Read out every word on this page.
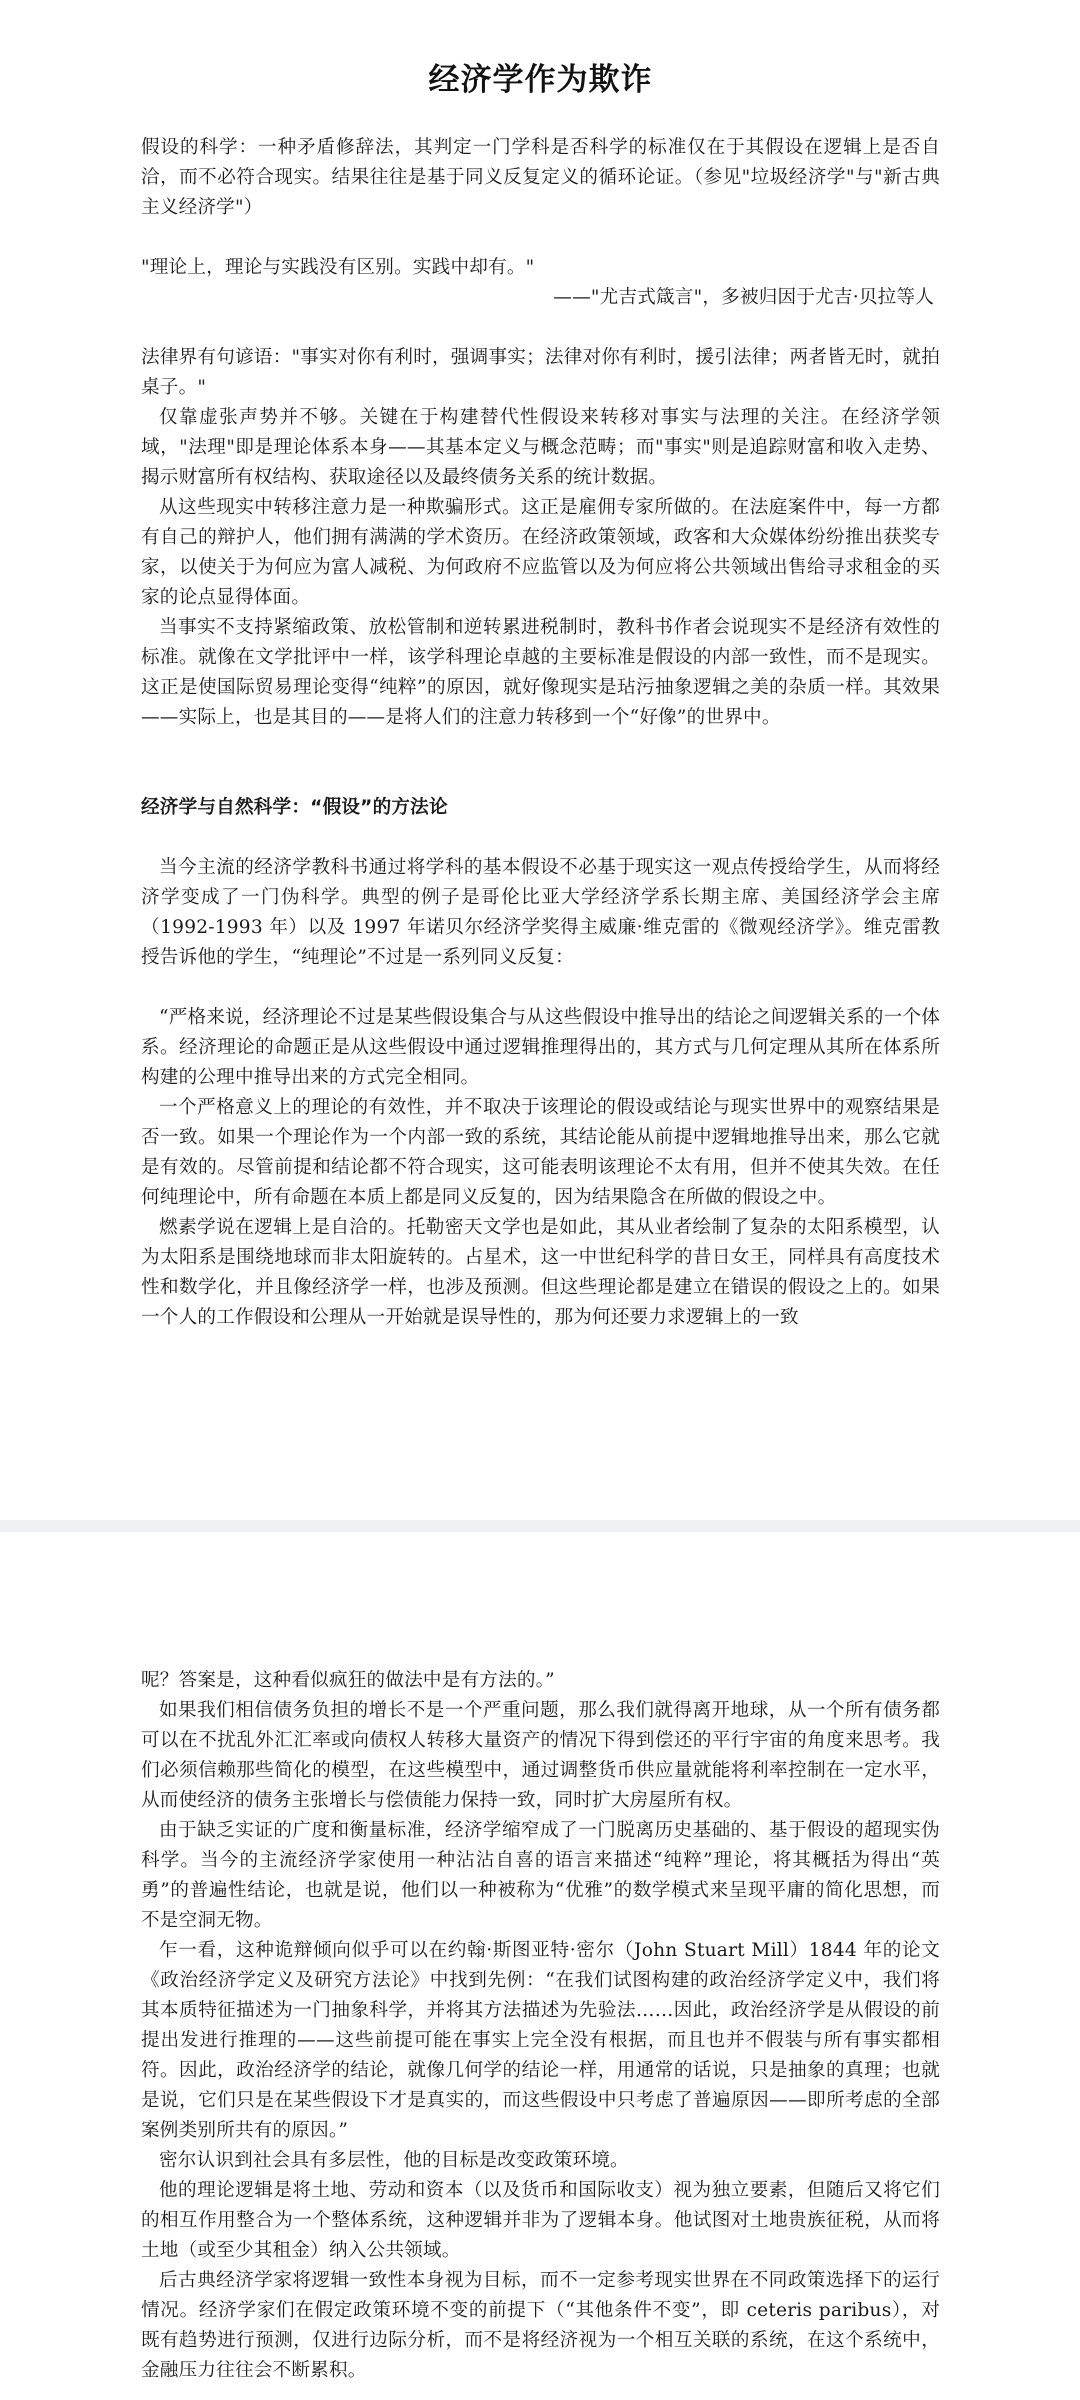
经济学作为欺诈

假设的科学：一种矛盾修辞法，其判定一门学科是否科学的标准仅在于其假设在逻辑上是否自洽，而不必符合现实。结果往往是基于同义反复定义的循环论证。（参见"垃圾经济学"与"新古典主义经济学"）

"理论上，理论与实践没有区别。实践中却有。"

——"尤吉式箴言"，多被归因于尤吉·贝拉等人

法律界有句谚语："事实对你有利时，强调事实；法律对你有利时，援引法律；两者皆无时，就拍桌子。"

仅靠虚张声势并不够。关键在于构建替代性假设来转移对事实与法理的关注。在经济学领域，"法理"即是理论体系本身——其基本定义与概念范畴；而"事实"则是追踪财富和收入走势、揭示财富所有权结构、获取途径以及最终债务关系的统计数据。

从这些现实中转移注意力是一种欺骗形式。这正是雇佣专家所做的。在法庭案件中，每一方都有自己的辩护人，他们拥有满满的学术资历。在经济政策领域，政客和大众媒体纷纷推出获奖专家，以使关于为何应为富人减税、为何政府不应监管以及为何应将公共领域出售给寻求租金的买家的论点显得体面。

当事实不支持紧缩政策、放松管制和逆转累进税制时，教科书作者会说现实不是经济有效性的标准。就像在文学批评中一样，该学科理论卓越的主要标准是假设的内部一致性，而不是现实。这正是使国际贸易理论变得“纯粹”的原因，就好像现实是玷污抽象逻辑之美的杂质一样。其效果——实际上，也是其目的——是将人们的注意力转移到一个“好像”的世界中。

经济学与自然科学：“假设”的方法论

当今主流的经济学教科书通过将学科的基本假设不必基于现实这一观点传授给学生，从而将经济学变成了一门伪科学。典型的例子是哥伦比亚大学经济学系长期主席、美国经济学会主席（1992-1993 年）以及 1997 年诺贝尔经济学奖得主威廉·维克雷的《微观经济学》。维克雷教授告诉他的学生，“纯理论”不过是一系列同义反复：

“严格来说，经济理论不过是某些假设集合与从这些假设中推导出的结论之间逻辑关系的一个体系。经济理论的命题正是从这些假设中通过逻辑推理得出的，其方式与几何定理从其所在体系所构建的公理中推导出来的方式完全相同。

一个严格意义上的理论的有效性，并不取决于该理论的假设或结论与现实世界中的观察结果是否一致。如果一个理论作为一个内部一致的系统，其结论能从前提中逻辑地推导出来，那么它就是有效的。尽管前提和结论都不符合现实，这可能表明该理论不太有用，但并不使其失效。在任何纯理论中，所有命题在本质上都是同义反复的，因为结果隐含在所做的假设之中。

燃素学说在逻辑上是自洽的。托勒密天文学也是如此，其从业者绘制了复杂的太阳系模型，认为太阳系是围绕地球而非太阳旋转的。占星术，这一中世纪科学的昔日女王，同样具有高度技术性和数学化，并且像经济学一样，也涉及预测。但这些理论都是建立在错误的假设之上的。如果一个人的工作假设和公理从一开始就是误导性的，那为何还要力求逻辑上的一致

呢？答案是，这种看似疯狂的做法中是有方法的。”

如果我们相信债务负担的增长不是一个严重问题，那么我们就得离开地球，从一个所有债务都可以在不扰乱外汇汇率或向债权人转移大量资产的情况下得到偿还的平行宇宙的角度来思考。我们必须信赖那些简化的模型，在这些模型中，通过调整货币供应量就能将利率控制在一定水平，从而使经济的债务主张增长与偿债能力保持一致，同时扩大房屋所有权。

由于缺乏实证的广度和衡量标准，经济学缩窄成了一门脱离历史基础的、基于假设的超现实伪科学。当今的主流经济学家使用一种沾沾自喜的语言来描述“纯粹”理论，将其概括为得出“英勇”的普遍性结论，也就是说，他们以一种被称为“优雅”的数学模式来呈现平庸的简化思想，而不是空洞无物。

乍一看，这种诡辩倾向似乎可以在约翰·斯图亚特·密尔（John Stuart Mill）1844 年的论文《政治经济学定义及研究方法论》中找到先例：“在我们试图构建的政治经济学定义中，我们将其本质特征描述为一门抽象科学，并将其方法描述为先验法……因此，政治经济学是从假设的前提出发进行推理的——这些前提可能在事实上完全没有根据，而且也并不假装与所有事实都相符。因此，政治经济学的结论，就像几何学的结论一样，用通常的话说，只是抽象的真理；也就是说，它们只是在某些假设下才是真实的，而这些假设中只考虑了普遍原因——即所考虑的全部案例类别所共有的原因。”

密尔认识到社会具有多层性，他的目标是改变政策环境。

他的理论逻辑是将土地、劳动和资本（以及货币和国际收支）视为独立要素，但随后又将它们的相互作用整合为一个整体系统，这种逻辑并非为了逻辑本身。他试图对土地贵族征税，从而将土地（或至少其租金）纳入公共领域。

后古典经济学家将逻辑一致性本身视为目标，而不一定参考现实世界在不同政策选择下的运行情况。经济学家们在假定政策环境不变的前提下（“其他条件不变”，即 ceteris paribus），对既有趋势进行预测，仅进行边际分析，而不是将经济视为一个相互关联的系统，在这个系统中，金融压力往往会不断累积。
